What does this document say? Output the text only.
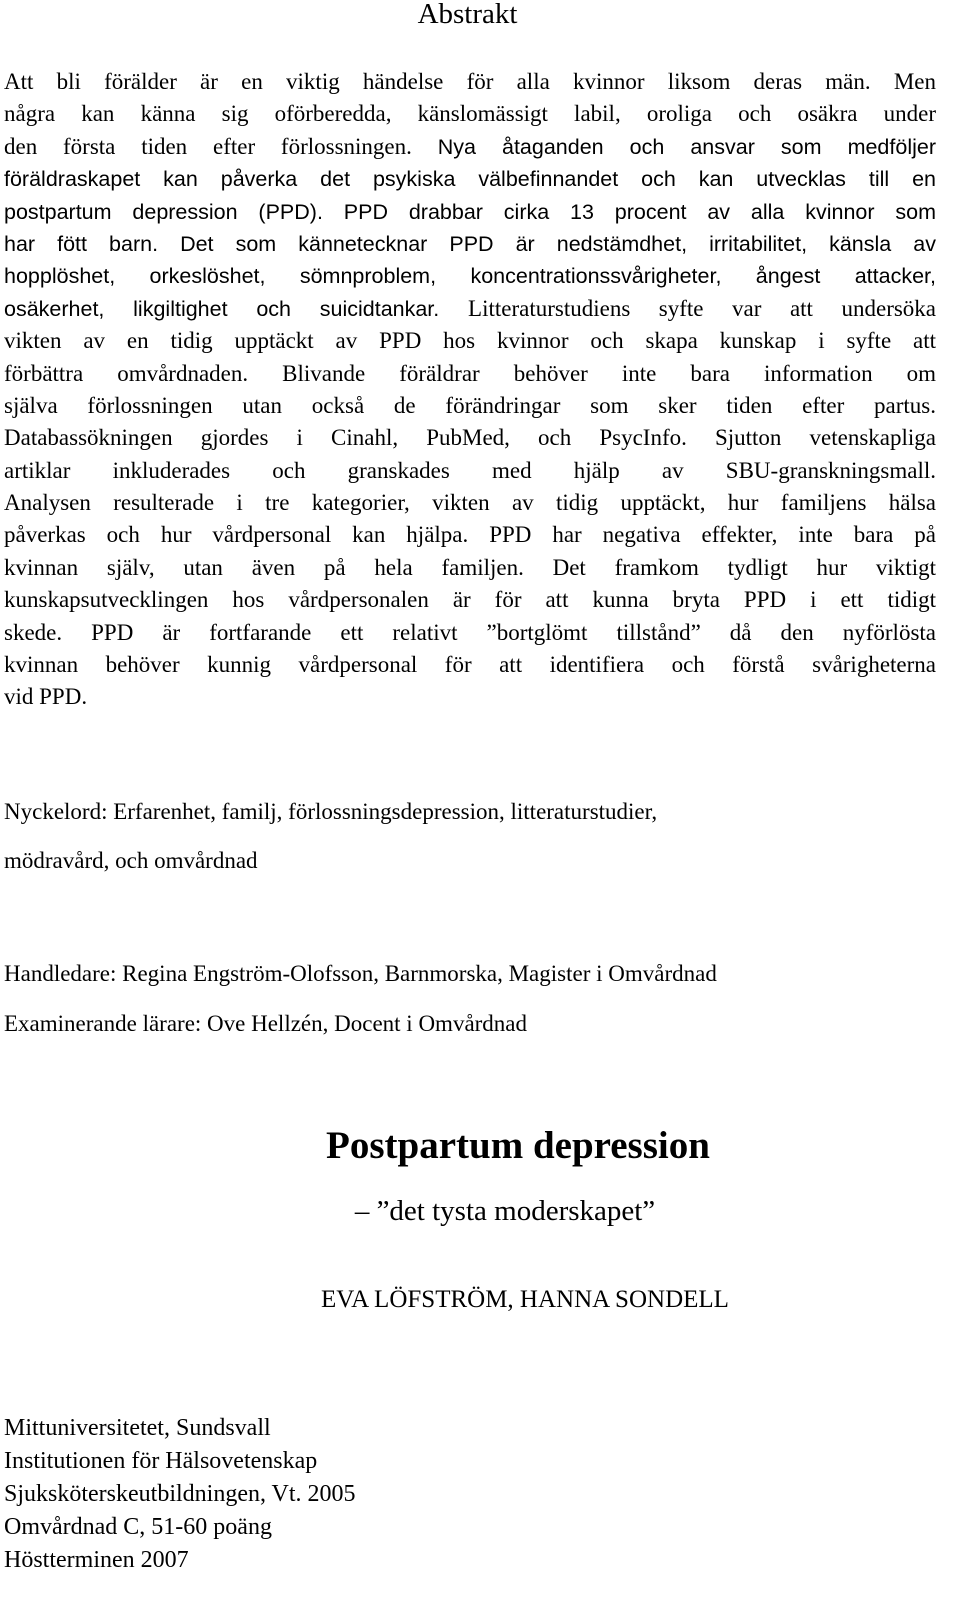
Abstrakt
Att bli förälder är en viktig händelse för alla kvinnor liksom deras män. Men
några kan känna sig oförberedda, känslomässigt labil, oroliga och osäkra under
den första tiden efter förlossningen. Nya åtaganden och ansvar som medföljer
föräldraskapet kan påverka det psykiska välbefinnandet och kan utvecklas till en
postpartum depression (PPD). PPD drabbar cirka 13 procent av alla kvinnor som
har fött barn. Det som kännetecknar PPD är nedstämdhet, irritabilitet, känsla av
hopplöshet, orkeslöshet, sömnproblem, koncentrationssvårigheter, ångest attacker,
osäkerhet, likgiltighet och suicidtankar. Litteraturstudiens syfte var att undersöka
vikten av en tidig upptäckt av PPD hos kvinnor och skapa kunskap i syfte att
förbättra omvårdnaden. Blivande föräldrar behöver inte bara information om
själva förlossningen utan också de förändringar som sker tiden efter partus.
Databassökningen gjordes i Cinahl, PubMed, och PsycInfo. Sjutton vetenskapliga
artiklar inkluderades och granskades med hjälp av SBU-granskningsmall.
Analysen resulterade i tre kategorier, vikten av tidig upptäckt, hur familjens hälsa
påverkas och hur vårdpersonal kan hjälpa. PPD har negativa effekter, inte bara på
kvinnan själv, utan även på hela familjen. Det framkom tydligt hur viktigt
kunskapsutvecklingen hos vårdpersonalen är för att kunna bryta PPD i ett tidigt
skede. PPD är fortfarande ett relativt ”bortglömt tillstånd” då den nyförlösta
kvinnan behöver kunnig vårdpersonal för att identifiera och förstå svårigheterna
vid PPD.
Nyckelord: Erfarenhet, familj, förlossningsdepression, litteraturstudier,
mödravård, och omvårdnad
Handledare: Regina Engström-Olofsson, Barnmorska, Magister i Omvårdnad
Examinerande lärare: Ove Hellzén, Docent i Omvårdnad
Postpartum depression
– ”det tysta moderskapet”
EVA LÖFSTRÖM, HANNA SONDELL
Mittuniversitetet, Sundsvall
Institutionen för Hälsovetenskap
Sjuksköterskeutbildningen, Vt. 2005
Omvårdnad C, 51-60 poäng
Höstterminen 2007
